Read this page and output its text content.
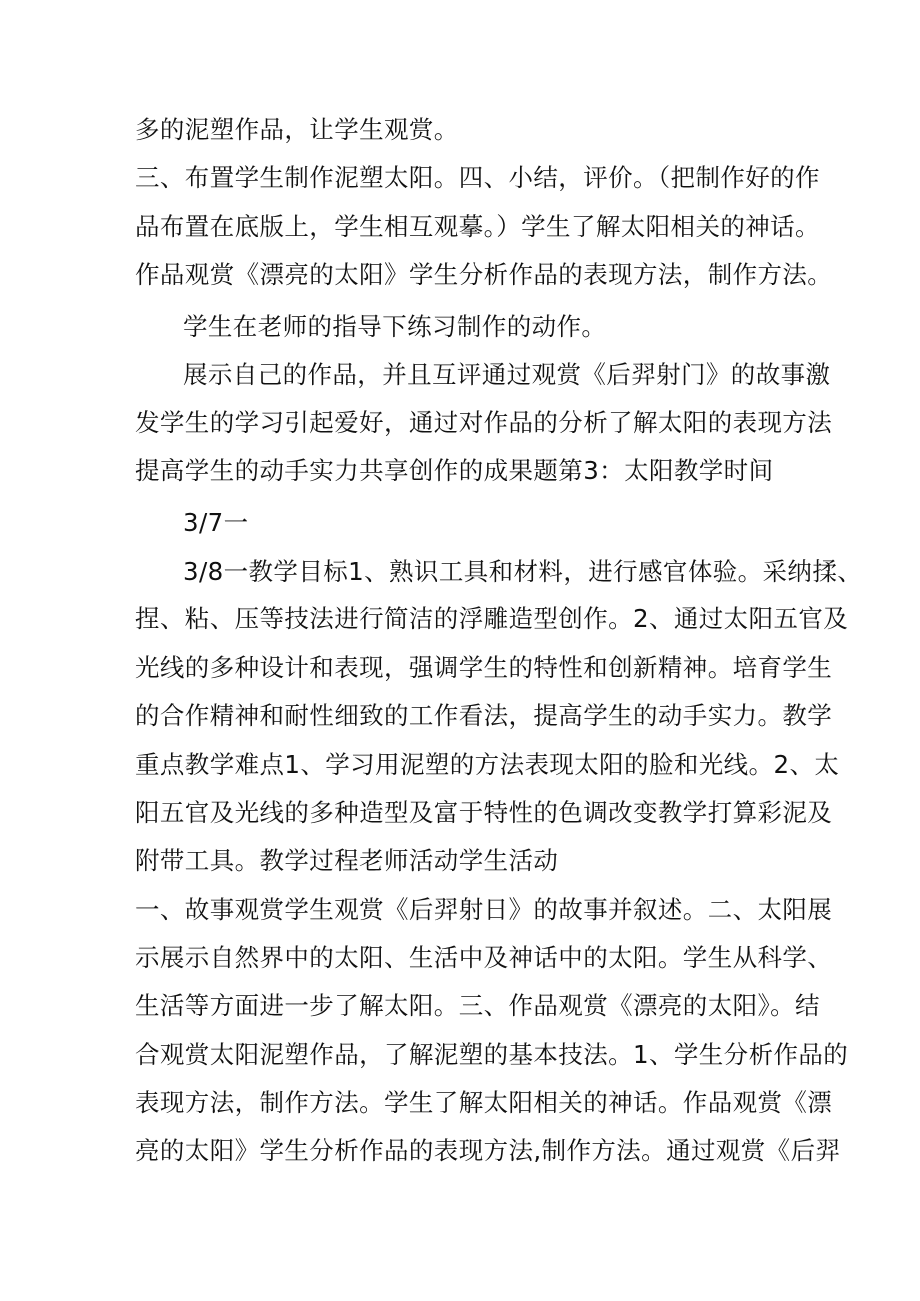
多的泥塑作品，让学生观赏。
三、布置学生制作泥塑太阳。四、小结，评价。（把制作好的作
品布置在底版上，学生相互观摹。）学生了解太阳相关的神话。
作品观赏《漂亮的太阳》学生分析作品的表现方法，制作方法。
学生在老师的指导下练习制作的动作。
展示自己的作品，并且互评通过观赏《后羿射门》的故事激
发学生的学习引起爱好，通过对作品的分析了解太阳的表现方法
提高学生的动手实力共享创作的成果题第3：太阳教学时间
3/7一
3/8一教学目标1、熟识工具和材料，进行感官体验。采纳揉、
捏、粘、压等技法进行简洁的浮雕造型创作。2、通过太阳五官及
光线的多种设计和表现，强调学生的特性和创新精神。培育学生
的合作精神和耐性细致的工作看法，提高学生的动手实力。教学
重点教学难点1、学习用泥塑的方法表现太阳的脸和光线。2、太
阳五官及光线的多种造型及富于特性的色调改变教学打算彩泥及
附带工具。教学过程老师活动学生活动
一、故事观赏学生观赏《后羿射日》的故事并叙述。二、太阳展
示展示自然界中的太阳、生活中及神话中的太阳。学生从科学、
生活等方面进一步了解太阳。三、作品观赏《漂亮的太阳》。结
合观赏太阳泥塑作品，了解泥塑的基本技法。1、学生分析作品的
表现方法，制作方法。学生了解太阳相关的神话。作品观赏《漂
亮的太阳》学生分析作品的表现方法,制作方法。通过观赏《后羿
